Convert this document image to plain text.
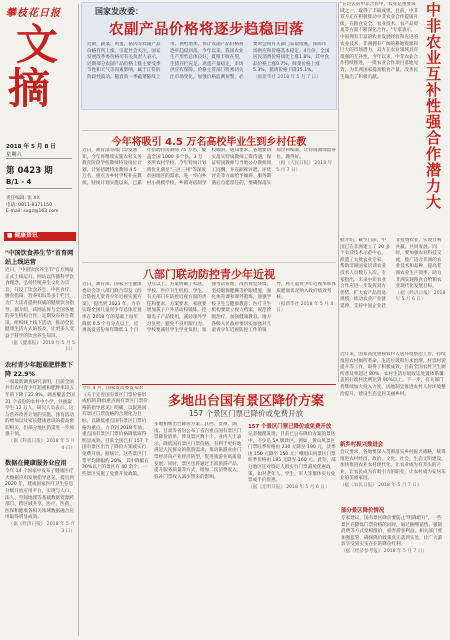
攀枝花日报
文
摘
2018 年 5 月 8 日
星期六
第 0423 期
B/1 - 4
责任编辑: 张 XX
电话: 0811-8371150
E-mail: sxgz@163.com
■ 健康资讯
"中国饮食养生节"首育网站上线运营

近日，"中国饮食养生节"官方网站正式上线运行。网站以传播科学饮食理念、弘扬传统养生文化为宗旨，开设了饮食养生、中医食疗、膳食指南、营养知识等多个栏目，为广大读者提供权威的健康饮食指导。据介绍，该网站将与全国各地的养生机构合作，定期发布养生资讯，组织线上线下活动，推动全民健康生活方式的普及，让更多人受益于科学的饮食养生知识。

（据《健康报》 2018 年 5 月 5 日）

农村青少年超重肥胖数下降 22.9%

一项最新调查研究表明，目前全国共有农村青少年超重和肥胖率较五年前下降了22.9%。调查覆盖全国 31 个省份的农村中小学，共抽取学生 12 万人。研究人员表示，这与营养改善计划的实施、体育活动的增加以及家长健康意识的提高密切相关，但部分地区仍需进一步加强干预。

（据《科技日报》 2018 年 5 月 4 日）

数据在健康服务业应用

今年 14 个国家中发布了健康医疗大数据应用发展指导意见，提出到 2020 年，建成国家医疗卫生信息分级开放应用平台，实现与人口、法人、空间地理等基础数据资源跨部门、跨区域共享，医疗、医药、医保和健康各相关领域数据融合应用取得明显成效。

（据《经济日报》 2018 年 5 月 3 日）

国家发改委：
农副产品价格将逐步趋稳回落

近期，蔬菜、鸡蛋、猪肉等农副产品价格有所上涨，引起社会关注。国家发展改革委价格司有关负责人表示，近期部分农副产品价格上涨主要受季节性和天气等因素影响，属于正常的阶段性波动。随着新一季蔬菜陆续上市、供给增加，预计农副产品价格将逐步趋稳回落。今年以来，我国农业生产形势总体良好，夏粮丰收在望，生猪存栏充足，鸡蛋产量稳定，市场供应有保障。价格主管部门将密切关注市场变化，加强价格监测预警，必要时会同有关部门采取措施，保障市场供应和价格基本稳定。4月份，全国居民消费价格同比上涨1.8%，其中食品价格上涨0.7%，鲜菜价格上涨5.3%，猪肉价格下降15.1%。

（据新华社 2018 年 5 月 7 日）

"在过去的中非合作中，农业是重要领域之一，取得了丰硕成果。目前，中非双方正在积极推动中非农业合作提质升级，在粮食安全、农业技术、农产品贸易等方面不断深化合作。"专家表示，中国拥有丰富的农业发展经验和先进的农业技术，非洲拥有广阔的耕地资源和巨大的市场潜力，双方在农业领域具有很强的互补性。今年以来，中非农业合作持续推进，一批农业合作项目落地见效，为非洲国家提高粮食产量、改善民生做出了积极贡献。	中非农业互补性强合作潜力大

据介绍，截至目前，中国已在非洲建立了 20 多个农业技术示范中心，派遣了大批农业专家，帮助非洲国家培训农业技术人员数万人次。专家指出，未来中非农业合作应进一步发挥双方优势，扩大农产品贸易规模，推动农业产业链延伸，支持中国企业赴非投资农业，实现互利共赢、共同发展。同时，要加强农业科技交流，推广适合非洲的农业技术和品种，提高非洲农业生产效率，助力非洲实现粮食自给和农业现代化发展目标。

（据《经济日报》 2018 年 5 月 6 日）

今年将吸引 4.5 万名高校毕业生到乡村任教

近日，教育部等部门印发通知，今年将继续实施农村义务教育阶段学校教师特设岗位计划，计划招聘特岗教师 4.5 万名，重点为乡村学校补充教师。特岗计划实施以来，已累计招聘特岗教师 75 万名，覆盖全国 1000 多个县、3 万多所农村学校。今年特岗计划将优先满足"三区三州"等深度贫困地区的需求，进一步向乡村小规模学校、乡镇寄宿制学校倾斜。通知要求，各地要切实落实特岗教师工资待遇，保证特岗教师与当地公办教师同工同酬，并在职称评聘、评优评先等方面给予倾斜。服务期满后自愿留任的，要确保落实岗位和编制，让特岗教师留得住、教得好。

（据《人民日报》 2018 年 5 月 7 日）

八部门联动防控青少年近视

近日，教育部、国家卫生健康委员会等八部门联合印发《综合防控儿童青少年近视实施方案》，提出到 2023 年，力争实现全国儿童青少年总体近视率在 2018 年的基础上每年降低 0.5 个百分点以上，近视高发省份每年降低 1 个百分点以上。方案明确了家庭、学校、医疗卫生机构、学生、有关部门在防控近视方面的责任和要求。方案要求，家庭要增加孩子户外活动和锻炼，控制电子产品使用，减轻课外学习负担，避免不良用眼行为；学校要减轻学生学业负担，加强考试管理，改善视觉环境，坚持眼保健操等护眼措施，强化体育课和课外锻炼，加强学校卫生与健康教育；医疗卫生机构要建立视力档案，规范诊断治疗，加强健康教育。地方各级人民政府要切实加强对儿童青少年近视防控工作的领导，将儿童青少年近视率和体质健康状况纳入政府绩效考核。

（据新华社 2018 年 5 月 4 日）

近年来，国家高度重视农村人居环境整治工作，持续推进农村厕所革命、生活垃圾和污水治理、村容村貌提升等工作，取得了积极成效。目前全国农村卫生厕所普及率超过 80%，农村生活垃圾收运处置体系覆盖的行政村比例达到 90%以上。下一步，有关部门将继续加大投入力度，因地制宜推进农村人居环境整治提升，建设生态宜居美丽乡村。

今年 4 月，国家发改委发布的《关于完善国有景区门票价格形成机制 降低重点国有景区门票价格的指导意见》明确，以促进国有景区门票价格的合理化为目标，以降低重点国有景区门票价格为重点，力争到 2018 年底，重点国有景区门票价格降低取得明显成效。目前全国已有 157 个国有景区出台了降价方案或实行免费开放。据统计，这些景区门票平均降幅约 20%，其中降幅在 30%以上的景区有 40 余个，一些景区实施了免费开放政策。

多地出台国有景区降价方案
157 个景区门票已降价或免费开放

多地相继出台降价方案。江西、贵州、湖南、甘肃等省份公布了省内重点国有景区门票降价清单，涉及景区数十个。业内人士表示，降低国有景区门票价格，有利于更好地满足人民群众的旅游需求，推动旅游业由门票经济向产业经济转型，促进旅游业高质量发展。同时，景区也将通过丰富旅游产品、提升服务质量等方式，增加二次消费收入，弥补门票收入减少带来的影响。

157 个景区门票已降价或免费开放

记者梳理发现，目前已公布降价方案的景区中，不少是 5A 级景区。例如，黄山风景区门票旺季价格由 230 元降至 190 元，淡季由 150 元降至 150 元；峨眉山风景区门票旺季价格由 185 元降至 160 元。此外，部分地区还对特定人群实行门票减免优惠政策，如对老年人、学生、军人等群体实行免票或半价优惠。

（据《光明日报》 2018 年 5 月 6 日）

部分景区降价情况

专家建议，国有景区降价要防止"明降暗升"，一些景区在降低门票价格的同时，通过捆绑销售、强制消费等方式变相涨价，损害游客利益。相关部门要加强监管，确保降价政策真正落到实处，让广大游客享受到实实在在的降价红利。

（据《经济参考报》 2018 年 5 月 7 日）

新乡村振兴推进会

会议要求，各地要深入贯彻落实乡村振兴战略，统筹推进农村经济、政治、文化、社会、生态文明建设，加快推进农业农村现代化，让农业成为有奔头的产业，让农民成为有吸引力的职业，让农村成为安居乐业的美丽家园。

（据《农民日报》 2018 年 5 月 7 日）
